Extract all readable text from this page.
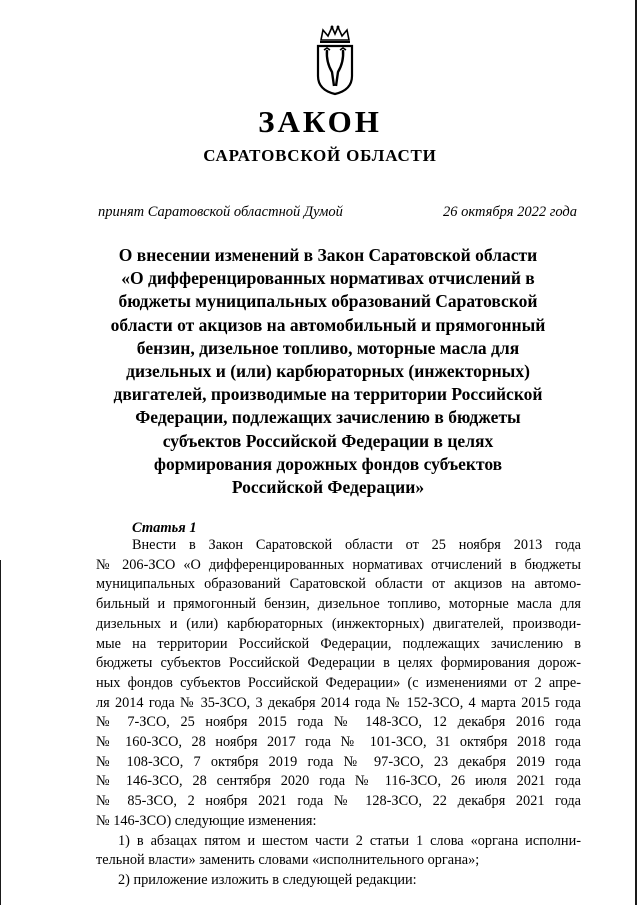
ЗАКОН
САРАТОВСКОЙ ОБЛАСТИ
принят Саратовской областной Думой	26 октября 2022 года
О внесении изменений в Закон Саратовской области
«О дифференцированных нормативах отчислений в
бюджеты муниципальных образований Саратовской
области от акцизов на автомобильный и прямогонный
бензин, дизельное топливо, моторные масла для
дизельных и (или) карбюраторных (инжекторных)
двигателей, производимые на территории Российской
Федерации, подлежащих зачислению в бюджеты
субъектов Российской Федерации в целях
формирования дорожных фондов субъектов
Российской Федерации»
Статья 1
Внести в Закон Саратовской области от 25 ноября 2013 года
№ 206-ЗСО «О дифференцированных нормативах отчислений в бюджеты
муниципальных образований Саратовской области от акцизов на автомо-
бильный и прямогонный бензин, дизельное топливо, моторные масла для
дизельных и (или) карбюраторных (инжекторных) двигателей, производи-
мые на территории Российской Федерации, подлежащих зачислению в
бюджеты субъектов Российской Федерации в целях формирования дорож-
ных фондов субъектов Российской Федерации» (с изменениями от 2 апре-
ля 2014 года № 35-ЗСО, 3 декабря 2014 года № 152-ЗСО, 4 марта 2015 года
№ 7-ЗСО, 25 ноября 2015 года № 148-ЗСО, 12 декабря 2016 года
№ 160-ЗСО, 28 ноября 2017 года № 101-ЗСО, 31 октября 2018 года
№ 108-ЗСО, 7 октября 2019 года № 97-ЗСО, 23 декабря 2019 года
№ 146-ЗСО, 28 сентября 2020 года № 116-ЗСО, 26 июля 2021 года
№ 85-ЗСО, 2 ноября 2021 года № 128-ЗСО, 22 декабря 2021 года
№ 146-ЗСО) следующие изменения:
1) в абзацах пятом и шестом части 2 статьи 1 слова «органа исполни-
тельной власти» заменить словами «исполнительного органа»;
2) приложение изложить в следующей редакции:
